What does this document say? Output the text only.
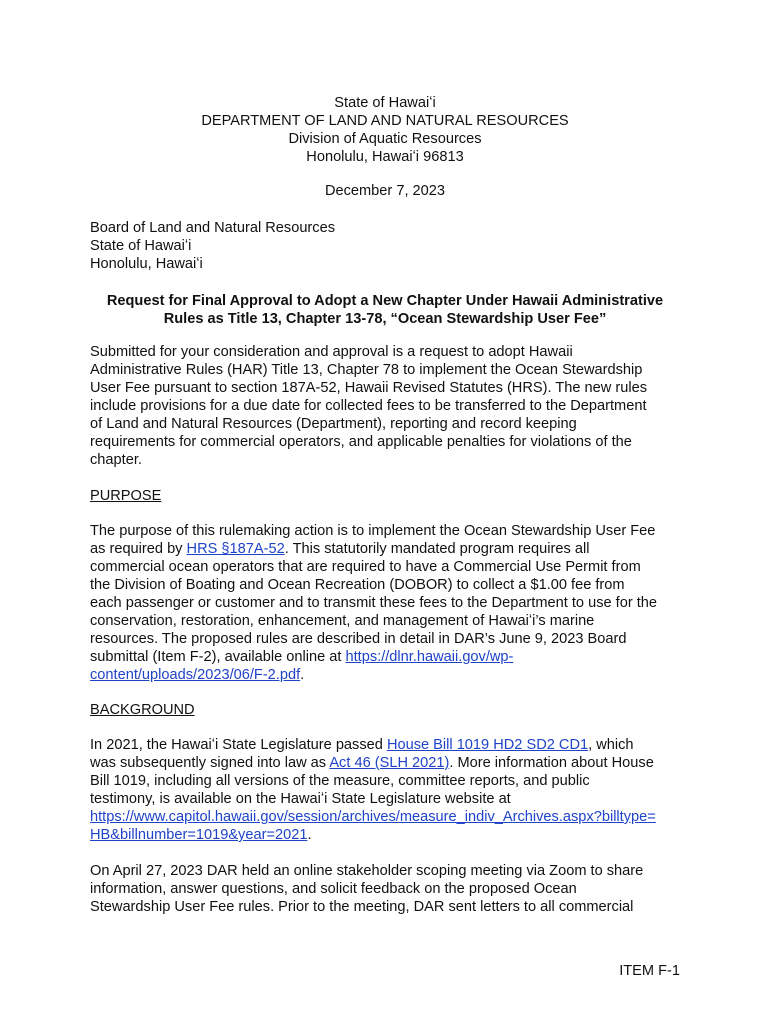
State of Hawaiʻi
DEPARTMENT OF LAND AND NATURAL RESOURCES
Division of Aquatic Resources
Honolulu, Hawaiʻi 96813
December 7, 2023
Board of Land and Natural Resources
State of Hawaiʻi
Honolulu, Hawaiʻi
Request for Final Approval to Adopt a New Chapter Under Hawaii Administrative
Rules as Title 13, Chapter 13-78, “Ocean Stewardship User Fee”
Submitted for your consideration and approval is a request to adopt Hawaii
Administrative Rules (HAR) Title 13, Chapter 78 to implement the Ocean Stewardship
User Fee pursuant to section 187A-52, Hawaii Revised Statutes (HRS). The new rules
include provisions for a due date for collected fees to be transferred to the Department
of Land and Natural Resources (Department), reporting and record keeping
requirements for commercial operators, and applicable penalties for violations of the
chapter.
PURPOSE
The purpose of this rulemaking action is to implement the Ocean Stewardship User Fee
as required by HRS §187A-52. This statutorily mandated program requires all
commercial ocean operators that are required to have a Commercial Use Permit from
the Division of Boating and Ocean Recreation (DOBOR) to collect a $1.00 fee from
each passenger or customer and to transmit these fees to the Department to use for the
conservation, restoration, enhancement, and management of Hawaiʻi’s marine
resources. The proposed rules are described in detail in DAR’s June 9, 2023 Board
submittal (Item F-2), available online at https://dlnr.hawaii.gov/wp-
content/uploads/2023/06/F-2.pdf.
BACKGROUND
In 2021, the Hawaiʻi State Legislature passed House Bill 1019 HD2 SD2 CD1, which
was subsequently signed into law as Act 46 (SLH 2021). More information about House
Bill 1019, including all versions of the measure, committee reports, and public
testimony, is available on the Hawaiʻi State Legislature website at
https://www.capitol.hawaii.gov/session/archives/measure_indiv_Archives.aspx?billtype=
HB&billnumber=1019&year=2021.
On April 27, 2023 DAR held an online stakeholder scoping meeting via Zoom to share
information, answer questions, and solicit feedback on the proposed Ocean
Stewardship User Fee rules. Prior to the meeting, DAR sent letters to all commercial
ITEM F-1
